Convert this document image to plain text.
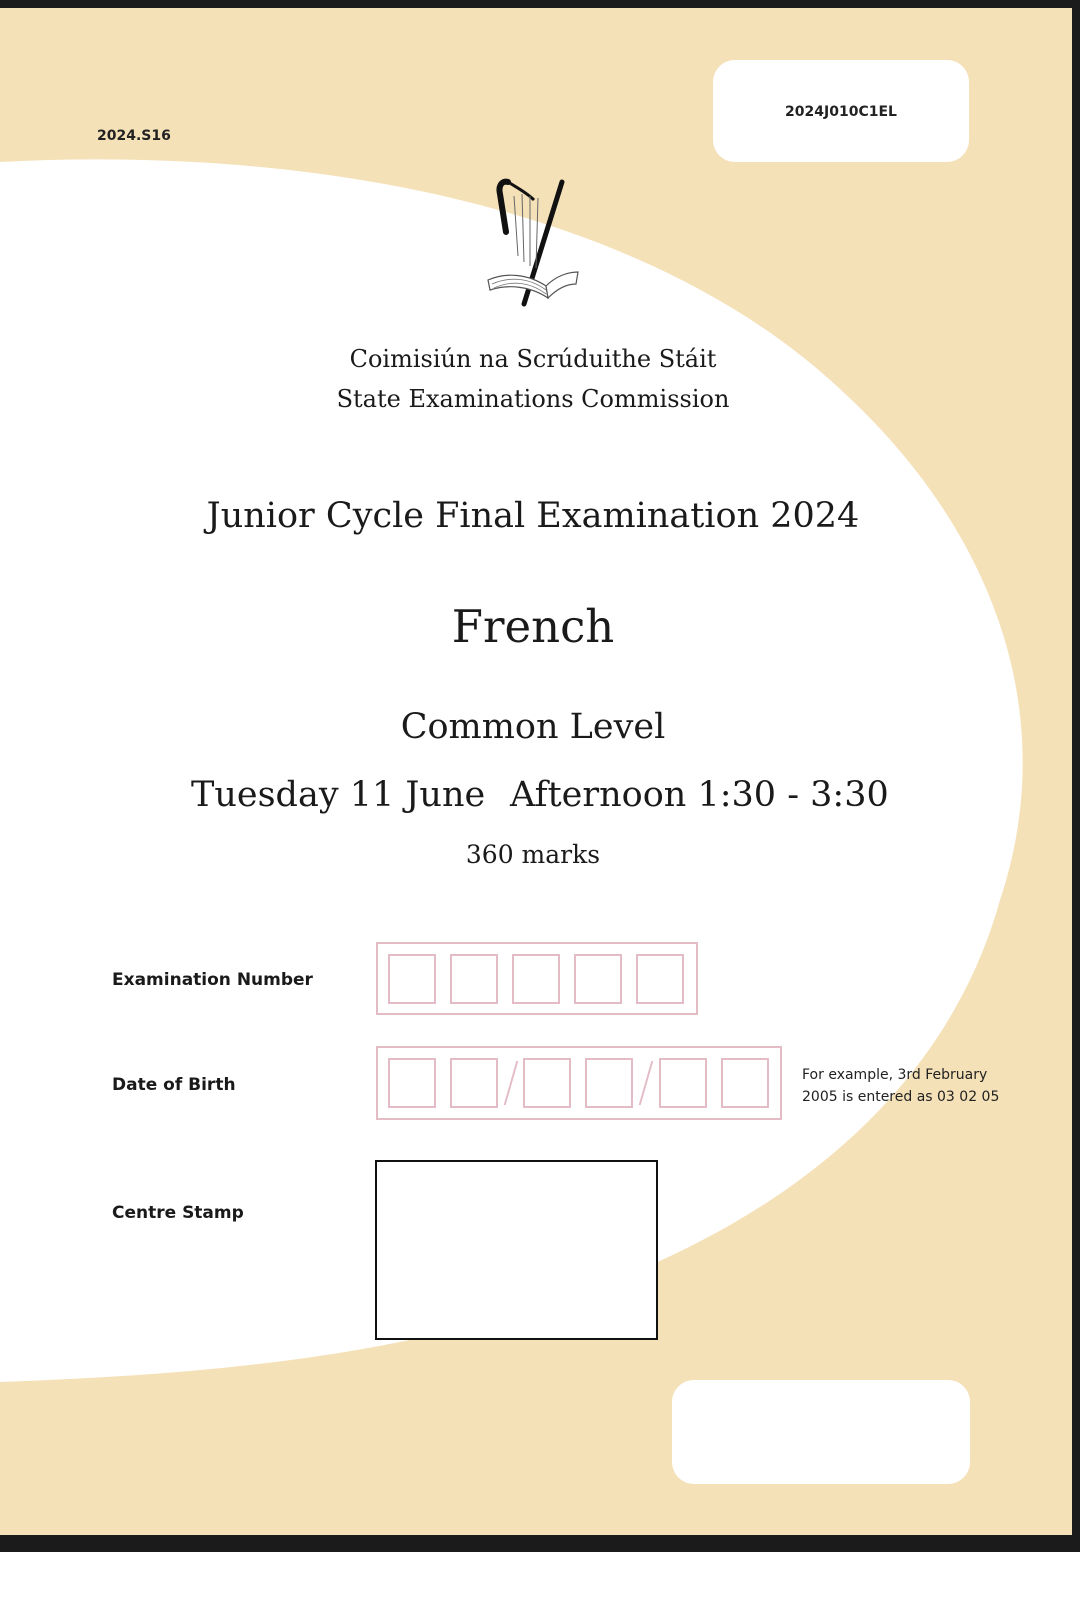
2024.S16
2024J010C1EL
Coimisiún na Scrúduithe Stáit
State Examinations Commission
Junior Cycle Final Examination 2024
French
Common Level
Tuesday 11 June Afternoon 1:30 - 3:30
360 marks
Examination Number
Date of Birth	For example, 3rd February 2005 is entered as 03 02 05
Centre Stamp
